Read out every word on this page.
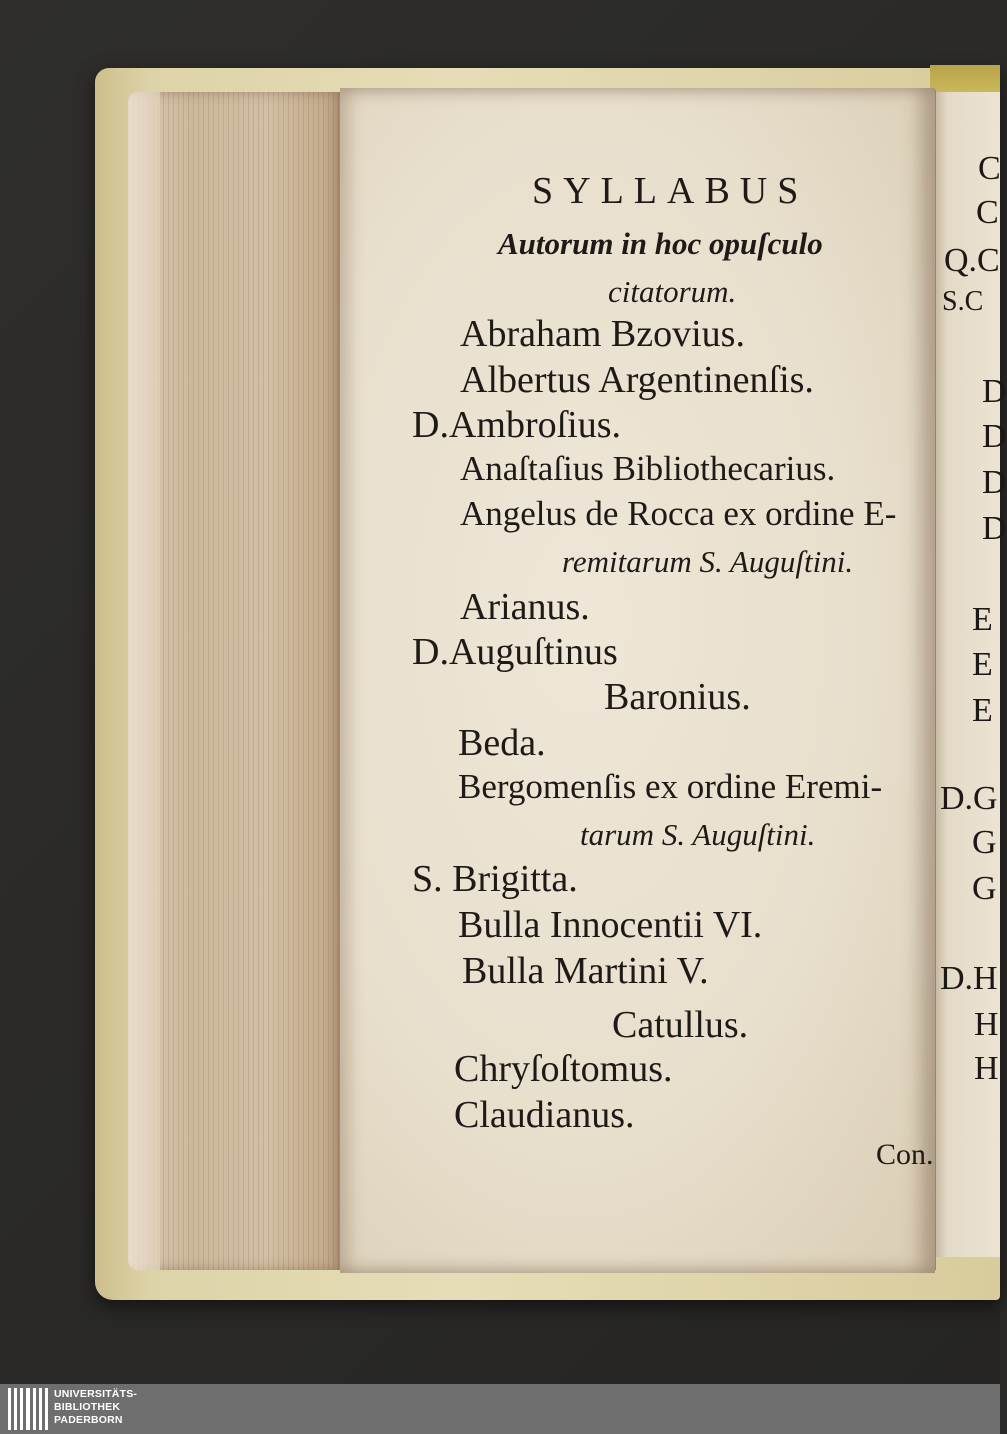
SYLLABUS
Autorum in hoc opuſculo
citatorum.
Abraham Bzovius.
Albertus Argentinenſis.
D.Ambroſius.
Anaſtaſius Bibliothecarius.
Angelus de Rocca ex ordine E-
remitarum S. Auguſtini.
Arianus.
D.Auguſtinus
Baronius.
Beda.
Bergomenſis ex ordine Eremi-
tarum S. Auguſtini.
S. Brigitta.
Bulla Innocentii VI.
Bulla Martini V.
Catullus.
Chryſoſtomus.
Claudianus.
Con.
C
C
Q.C
S.C
D
D
D
D
E
E
E
D.G
G
G
D.H
H
H
UNIVERSITÄTS-
BIBLIOTHEK
PADERBORN
